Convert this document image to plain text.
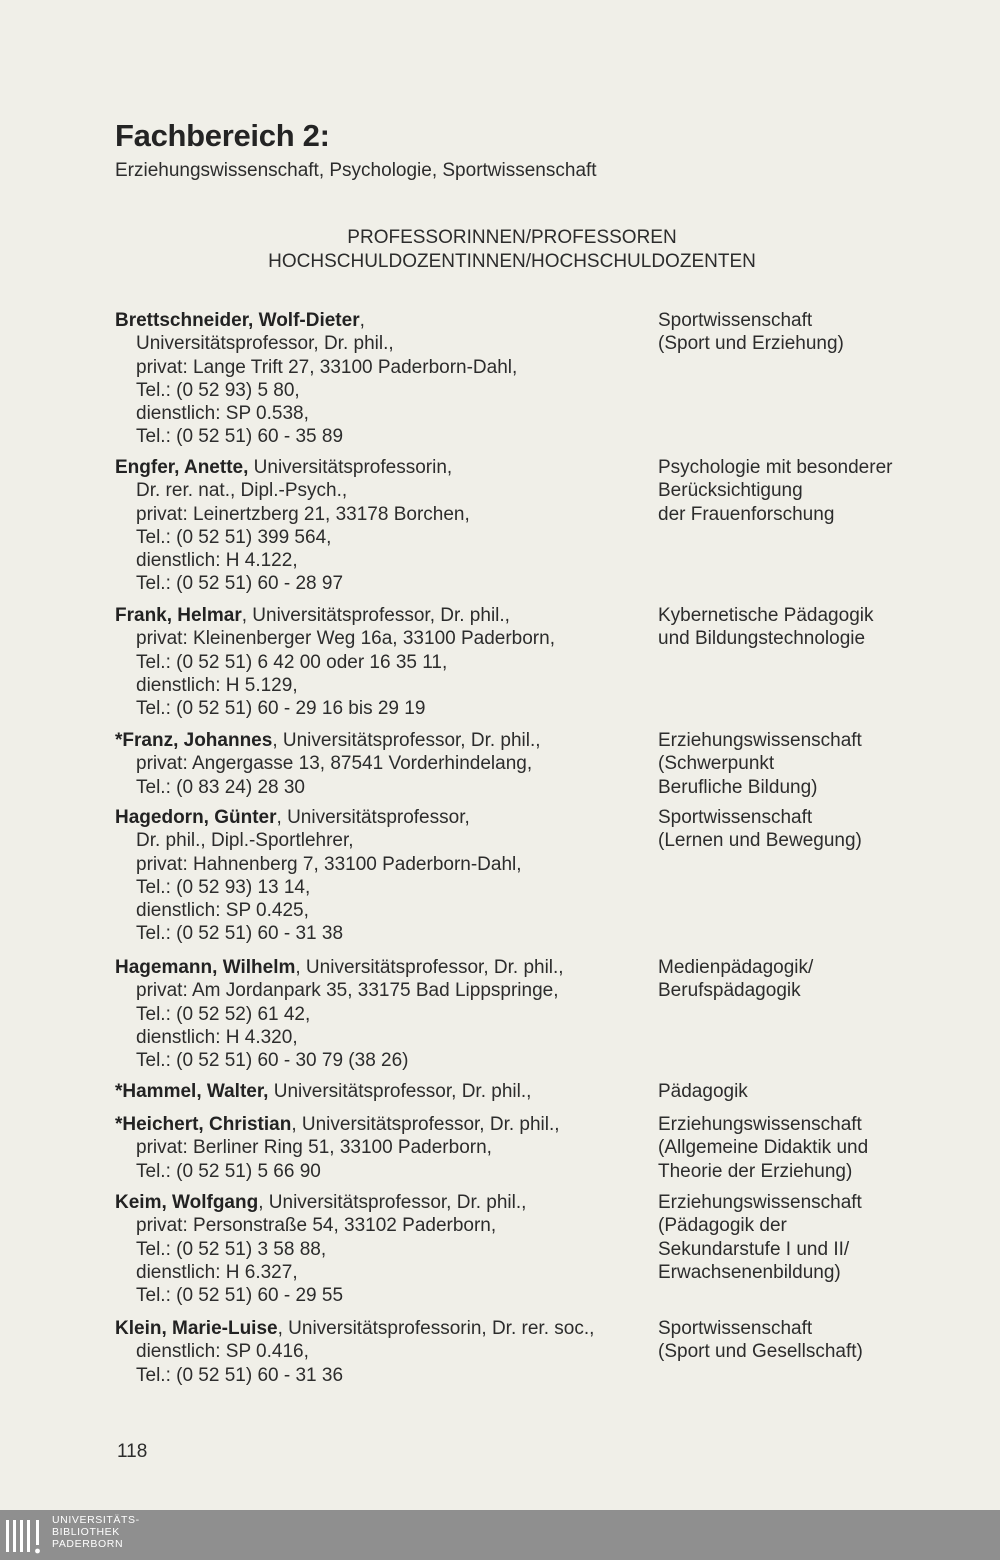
Fachbereich 2:
Erziehungswissenschaft, Psychologie, Sportwissenschaft
PROFESSORINNEN/PROFESSOREN
HOCHSCHULDOZENTINNEN/HOCHSCHULDOZENTEN
Brettschneider, Wolf-Dieter,
Universitätsprofessor, Dr. phil.,
privat: Lange Trift 27, 33100 Paderborn-Dahl,
Tel.: (0 52 93) 5 80,
dienstlich: SP 0.538,
Tel.: (0 52 51) 60 - 35 89
Sportwissenschaft
(Sport und Erziehung)
Engfer, Anette, Universitätsprofessorin,
Dr. rer. nat., Dipl.-Psych.,
privat: Leinertzberg 21, 33178 Borchen,
Tel.: (0 52 51) 399 564,
dienstlich: H 4.122,
Tel.: (0 52 51) 60 - 28 97
Psychologie mit besonderer
Berücksichtigung
der Frauenforschung
Frank, Helmar, Universitätsprofessor, Dr. phil.,
privat: Kleinenberger Weg 16a, 33100 Paderborn,
Tel.: (0 52 51) 6 42 00 oder 16 35 11,
dienstlich: H 5.129,
Tel.: (0 52 51) 60 - 29 16 bis 29 19
Kybernetische Pädagogik
und Bildungstechnologie
*Franz, Johannes, Universitätsprofessor, Dr. phil.,
privat: Angergasse 13, 87541 Vorderhindelang,
Tel.: (0 83 24) 28 30
Erziehungswissenschaft
(Schwerpunkt
Berufliche Bildung)
Hagedorn, Günter, Universitätsprofessor,
Dr. phil., Dipl.-Sportlehrer,
privat: Hahnenberg 7, 33100 Paderborn-Dahl,
Tel.: (0 52 93) 13 14,
dienstlich: SP 0.425,
Tel.: (0 52 51) 60 - 31 38
Sportwissenschaft
(Lernen und Bewegung)
Hagemann, Wilhelm, Universitätsprofessor, Dr. phil.,
privat: Am Jordanpark 35, 33175 Bad Lippspringe,
Tel.: (0 52 52) 61 42,
dienstlich: H 4.320,
Tel.: (0 52 51) 60 - 30 79 (38 26)
Medienpädagogik/
Berufspädagogik
*Hammel, Walter, Universitätsprofessor, Dr. phil.,	Pädagogik
*Heichert, Christian, Universitätsprofessor, Dr. phil.,
privat: Berliner Ring 51, 33100 Paderborn,
Tel.: (0 52 51) 5 66 90
Erziehungswissenschaft
(Allgemeine Didaktik und
Theorie der Erziehung)
Keim, Wolfgang, Universitätsprofessor, Dr. phil.,
privat: Personstraße 54, 33102 Paderborn,
Tel.: (0 52 51) 3 58 88,
dienstlich: H 6.327,
Tel.: (0 52 51) 60 - 29 55
Erziehungswissenschaft
(Pädagogik der
Sekundarstufe I und II/
Erwachsenenbildung)
Klein, Marie-Luise, Universitätsprofessorin, Dr. rer. soc.,
dienstlich: SP 0.416,
Tel.: (0 52 51) 60 - 31 36
Sportwissenschaft
(Sport und Gesellschaft)
118
UNIVERSITÄTS-
BIBLIOTHEK
PADERBORN
